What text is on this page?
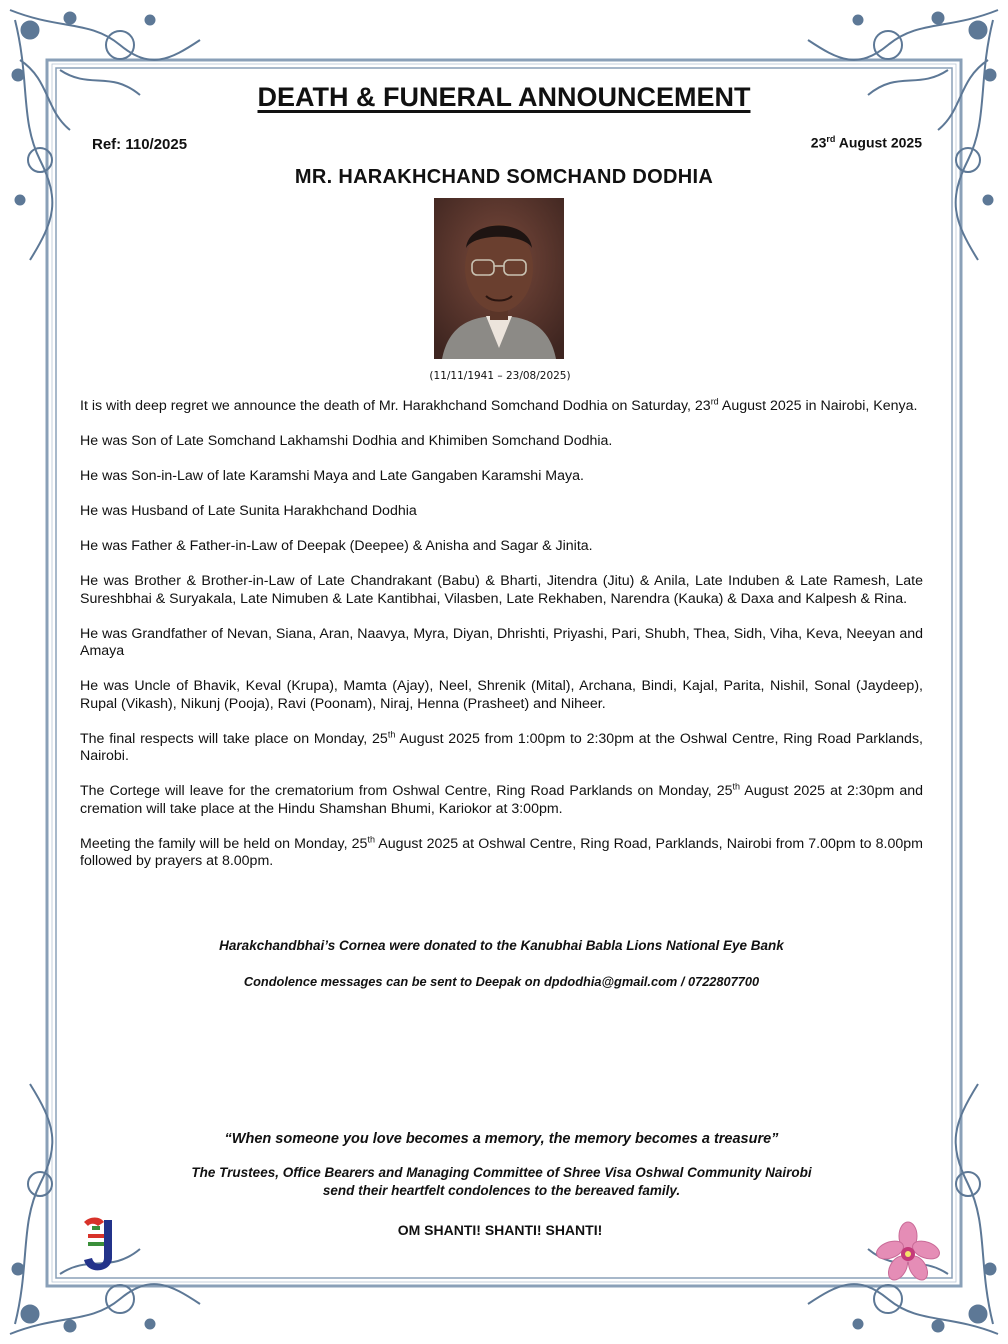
DEATH & FUNERAL ANNOUNCEMENT
Ref: 110/2025	23rd August 2025
MR. HARAKHCHAND SOMCHAND DODHIA
(11/11/1941 – 23/08/2025)

It is with deep regret we announce the death of Mr. Harakhchand Somchand Dodhia on Saturday, 23rd August 2025 in Nairobi, Kenya.

He was Son of Late Somchand Lakhamshi Dodhia and Khimiben Somchand Dodhia.

He was Son-in-Law of late Karamshi Maya and Late Gangaben Karamshi Maya.

He was Husband of Late Sunita Harakhchand Dodhia

He was Father & Father-in-Law of Deepak (Deepee) & Anisha and Sagar & Jinita.

He was Brother & Brother-in-Law of Late Chandrakant (Babu) & Bharti, Jitendra (Jitu) & Anila, Late Induben & Late Ramesh, Late Sureshbhai & Suryakala, Late Nimuben & Late Kantibhai, Vilasben, Late Rekhaben, Narendra (Kauka) & Daxa and Kalpesh & Rina.

He was Grandfather of Nevan, Siana, Aran, Naavya, Myra, Diyan, Dhrishti, Priyashi, Pari, Shubh, Thea, Sidh, Viha, Keva, Neeyan and Amaya

He was Uncle of Bhavik, Keval (Krupa), Mamta (Ajay), Neel, Shrenik (Mital), Archana, Bindi, Kajal, Parita, Nishil, Sonal (Jaydeep), Rupal (Vikash), Nikunj (Pooja), Ravi (Poonam), Niraj, Henna (Prasheet) and Niheer.

The final respects will take place on Monday, 25th August 2025 from 1:00pm to 2:30pm at the Oshwal Centre, Ring Road Parklands, Nairobi.

The Cortege will leave for the crematorium from Oshwal Centre, Ring Road Parklands on Monday, 25th August 2025 at 2:30pm and cremation will take place at the Hindu Shamshan Bhumi, Kariokor at 3:00pm.

Meeting the family will be held on Monday, 25th August 2025 at Oshwal Centre, Ring Road, Parklands, Nairobi from 7.00pm to 8.00pm followed by prayers at 8.00pm.

Harakchandbhai’s Cornea were donated to the Kanubhai Babla Lions National Eye Bank
Condolence messages can be sent to Deepak on dpdodhia@gmail.com / 0722807700
“When someone you love becomes a memory, the memory becomes a treasure”
The Trustees, Office Bearers and Managing Committee of Shree Visa Oshwal Community Nairobi
send their heartfelt condolences to the bereaved family.
OM SHANTI! SHANTI! SHANTI!
